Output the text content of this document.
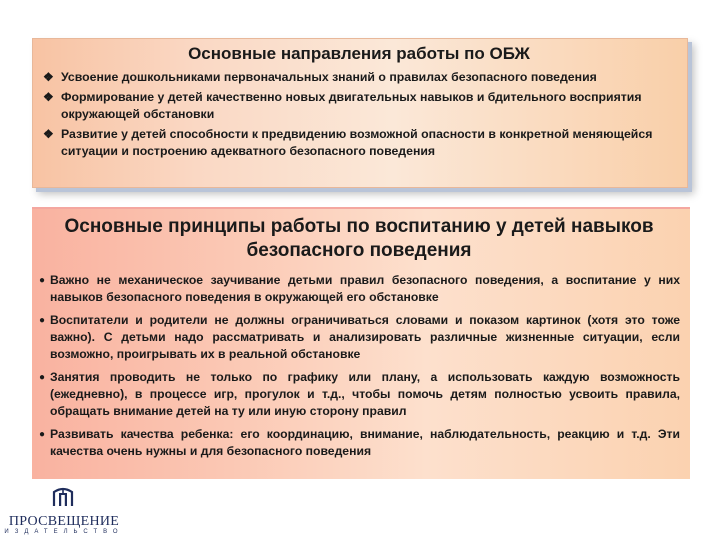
Основные направления работы по ОБЖ
❖ Усвоение дошкольниками первоначальных знаний о правилах безопасного поведения
❖ Формирование у детей качественно новых двигательных навыков и бдительного восприятия окружающей обстановки
❖ Развитие у детей способности к предвидению возможной опасности в конкретной меняющейся ситуации и построению адекватного безопасного поведения
Основные принципы работы по воспитанию у детей навыков безопасного поведения
● Важно не механическое заучивание детьми правил безопасного поведения, а воспитание у них навыков безопасного поведения в окружающей его обстановке
● Воспитатели и родители не должны ограничиваться словами и показом картинок (хотя это тоже важно). С детьми надо рассматривать и анализировать различные жизненные ситуации, если возможно, проигрывать их в реальной обстановке
● Занятия проводить не только по графику или плану, а использовать каждую возможность (ежедневно), в процессе игр, прогулок и т.д., чтобы помочь детям полностью усвоить правила, обращать внимание детей на ту или иную сторону правил
● Развивать качества ребенка: его координацию, внимание, наблюдательность, реакцию и т.д. Эти качества очень нужны и для безопасного поведения
ПРОСВЕЩЕНИЕ
ИЗДАТЕЛЬСТВО
